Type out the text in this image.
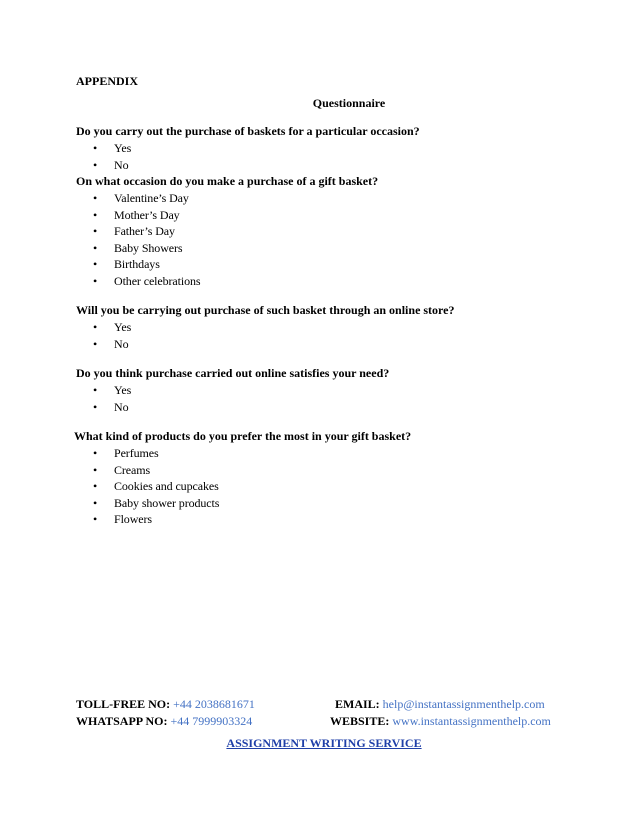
APPENDIX
Questionnaire

Do you carry out the purchase of baskets for a particular occasion?

• Yes
• No

On what occasion do you make a purchase of a gift basket?

• Valentine’s Day
• Mother’s Day
• Father’s Day
• Baby Showers
• Birthdays
• Other celebrations

Will you be carrying out purchase of such basket through an online store?

• Yes
• No

Do you think purchase carried out online satisfies your need?

• Yes
• No

What kind of products do you prefer the most in your gift basket?

• Perfumes
• Creams
• Cookies and cupcakes
• Baby shower products
• Flowers
TOLL-FREE NO: +44 2038681671	EMAIL: help@instantassignmenthelp.com
WHATSAPP NO: +44 7999903324	WEBSITE: www.instantassignmenthelp.com
ASSIGNMENT WRITING SERVICE
